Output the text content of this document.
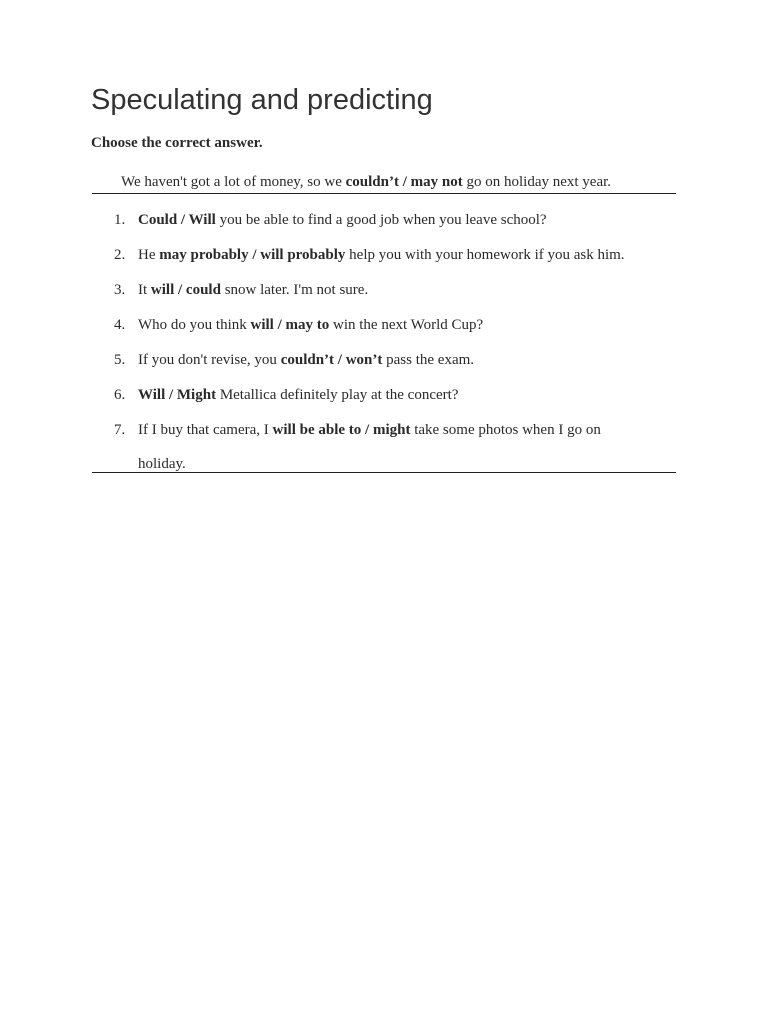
Speculating and predicting
Choose the correct answer.
We haven't got a lot of money, so we couldn’t / may not go on holiday next year.
1. Could / Will you be able to find a good job when you leave school?
2. He may probably / will probably help you with your homework if you ask him.
3. It will / could snow later. I'm not sure.
4. Who do you think will / may to win the next World Cup?
5. If you don't revise, you couldn’t / won’t pass the exam.
6. Will / Might Metallica definitely play at the concert?
7. If I buy that camera, I will be able to / might take some photos when I go on
holiday.
